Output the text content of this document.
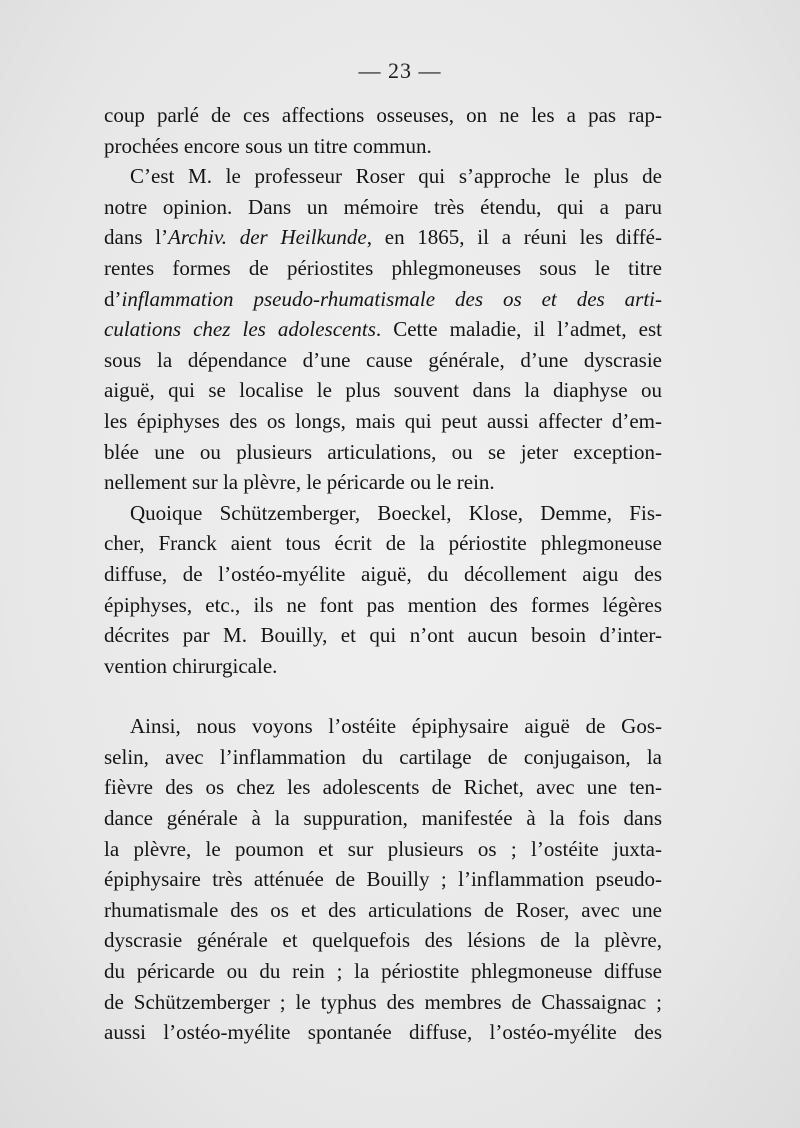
— 23 —

coup parlé de ces affections osseuses, on ne les a pas rap-

prochées encore sous un titre commun.

C’est M. le professeur Roser qui s’approche le plus de

notre opinion. Dans un mémoire très étendu, qui a paru

dans l’Archiv. der Heilkunde, en 1865, il a réuni les diffé-

rentes formes de périostites phlegmoneuses sous le titre

d’inflammation pseudo-rhumatismale des os et des arti-

culations chez les adolescents. Cette maladie, il l’admet, est

sous la dépendance d’une cause générale, d’une dyscrasie

aiguë, qui se localise le plus souvent dans la diaphyse ou

les épiphyses des os longs, mais qui peut aussi affecter d’em-

blée une ou plusieurs articulations, ou se jeter exception-

nellement sur la plèvre, le péricarde ou le rein.

Quoique Schützemberger, Boeckel, Klose, Demme, Fis-

cher, Franck aient tous écrit de la périostite phlegmoneuse

diffuse, de l’ostéo-myélite aiguë, du décollement aigu des

épiphyses, etc., ils ne font pas mention des formes légères

décrites par M. Bouilly, et qui n’ont aucun besoin d’inter-

vention chirurgicale.

Ainsi, nous voyons l’ostéite épiphysaire aiguë de Gos-

selin, avec l’inflammation du cartilage de conjugaison, la

fièvre des os chez les adolescents de Richet, avec une ten-

dance générale à la suppuration, manifestée à la fois dans

la plèvre, le poumon et sur plusieurs os ; l’ostéite juxta-

épiphysaire très atténuée de Bouilly ; l’inflammation pseudo-

rhumatismale des os et des articulations de Roser, avec une

dyscrasie générale et quelquefois des lésions de la plèvre,

du péricarde ou du rein ; la périostite phlegmoneuse diffuse

de Schützemberger ; le typhus des membres de Chassaignac ;

aussi l’ostéo-myélite spontanée diffuse, l’ostéo-myélite des
